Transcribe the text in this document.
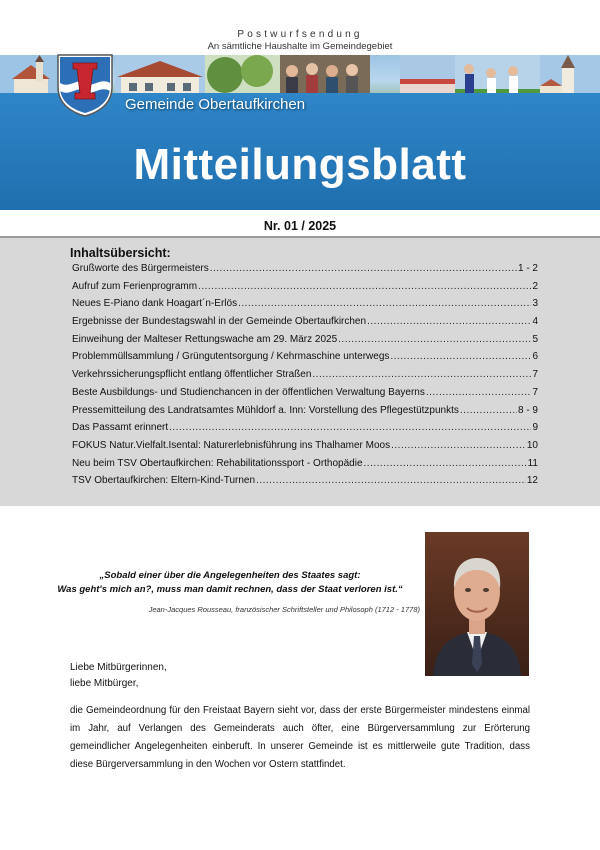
Postwurfsendung
An sämtliche Haushalte im Gemeindegebiet
Gemeinde Obertaufkirchen
Mitteilungsblatt
Nr. 01 / 2025
Inhaltsübersicht:
Grußworte des Bürgermeisters .....	1 - 2
Aufruf zum Ferienprogramm .....	2
Neues E-Piano dank Hoagart´n-Erlös .....	3
Ergebnisse der Bundestagswahl in der Gemeinde Obertaufkirchen .....	4
Einweihung der Malteser Rettungswache am 29. März 2025 .....	5
Problemmüllsammlung / Grüngutentsorgung / Kehrmaschine unterwegs .....	6
Verkehrssicherungspflicht entlang öffentlicher Straßen .....	7
Beste Ausbildungs- und Studienchancen in der öffentlichen Verwaltung Bayerns .....	7
Pressemitteilung des Landratsamtes Mühldorf a. Inn: Vorstellung des Pflegestützpunkts .....	8 - 9
Das Passamt erinnert .....	9
FOKUS Natur.Vielfalt.Isental: Naturerlebnisführung ins Thalhamer Moos .....	10
Neu beim TSV Obertaufkirchen: Rehabilitationssport - Orthopädie .....	11
TSV Obertaufkirchen: Eltern-Kind-Turnen .....	12
„Sobald einer über die Angelegenheiten des Staates sagt:
Was geht's mich an?, muss man damit rechnen, dass der Staat verloren ist.“
Jean-Jacques Rousseau, französischer Schriftsteller und Philosoph (1712 - 1778)
Liebe Mitbürgerinnen,
liebe Mitbürger,
die Gemeindeordnung für den Freistaat Bayern sieht vor, dass der erste Bürgermeister mindestens einmal im Jahr, auf Verlangen des Gemeinderats auch öfter, eine Bürgerversammlung zur Erörterung gemeindlicher Angelegenheiten einberuft. In unserer Gemeinde ist es mittlerweile gute Tradition, dass diese Bürgerversammlung in den Wochen vor Ostern stattfindet.
